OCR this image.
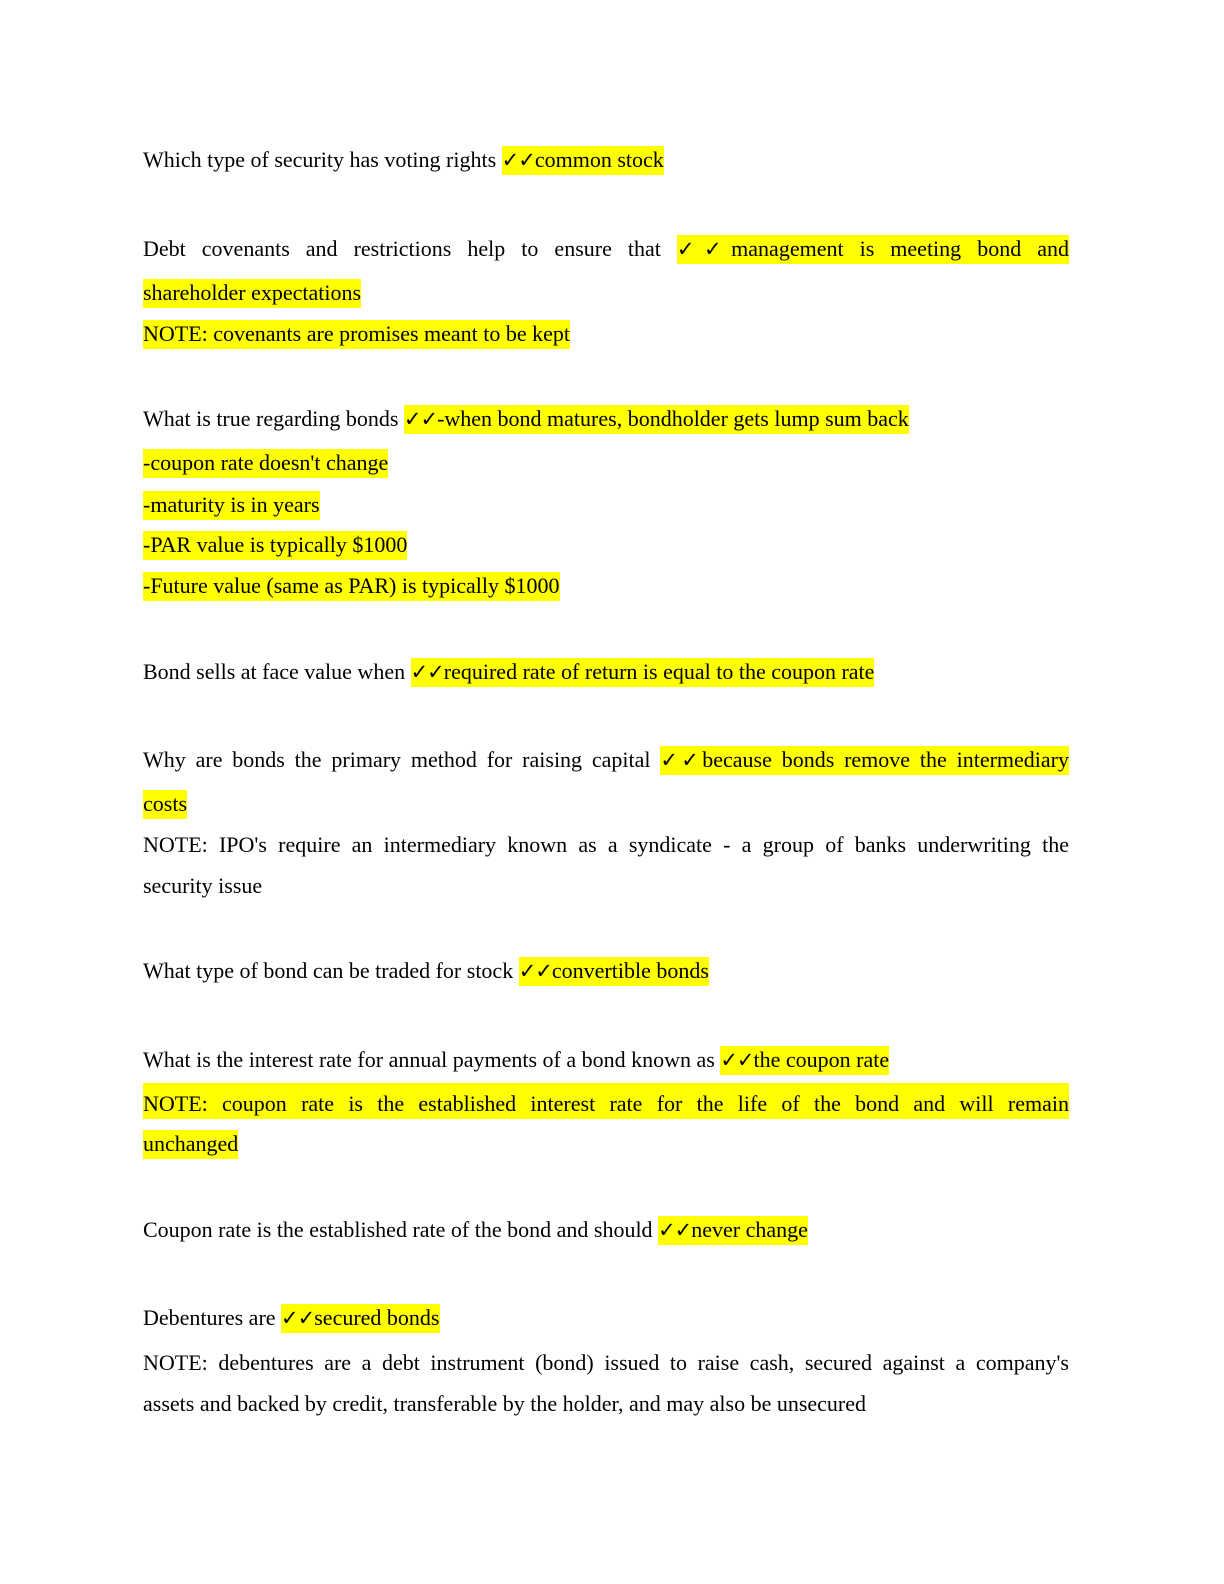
Which type of security has voting rights ✓✓common stock
Debt covenants and restrictions help to ensure that ✓✓management is meeting bond and
shareholder expectations
NOTE: covenants are promises meant to be kept
What is true regarding bonds ✓✓-when bond matures, bondholder gets lump sum back
-coupon rate doesn't change
-maturity is in years
-PAR value is typically $1000
-Future value (same as PAR) is typically $1000
Bond sells at face value when ✓✓required rate of return is equal to the coupon rate
Why are bonds the primary method for raising capital ✓✓because bonds remove the intermediary
costs
NOTE: IPO's require an intermediary known as a syndicate - a group of banks underwriting the
security issue
What type of bond can be traded for stock ✓✓convertible bonds
What is the interest rate for annual payments of a bond known as ✓✓the coupon rate
NOTE: coupon rate is the established interest rate for the life of the bond and will remain
unchanged
Coupon rate is the established rate of the bond and should ✓✓never change
Debentures are ✓✓secured bonds
NOTE: debentures are a debt instrument (bond) issued to raise cash, secured against a company's
assets and backed by credit, transferable by the holder, and may also be unsecured
